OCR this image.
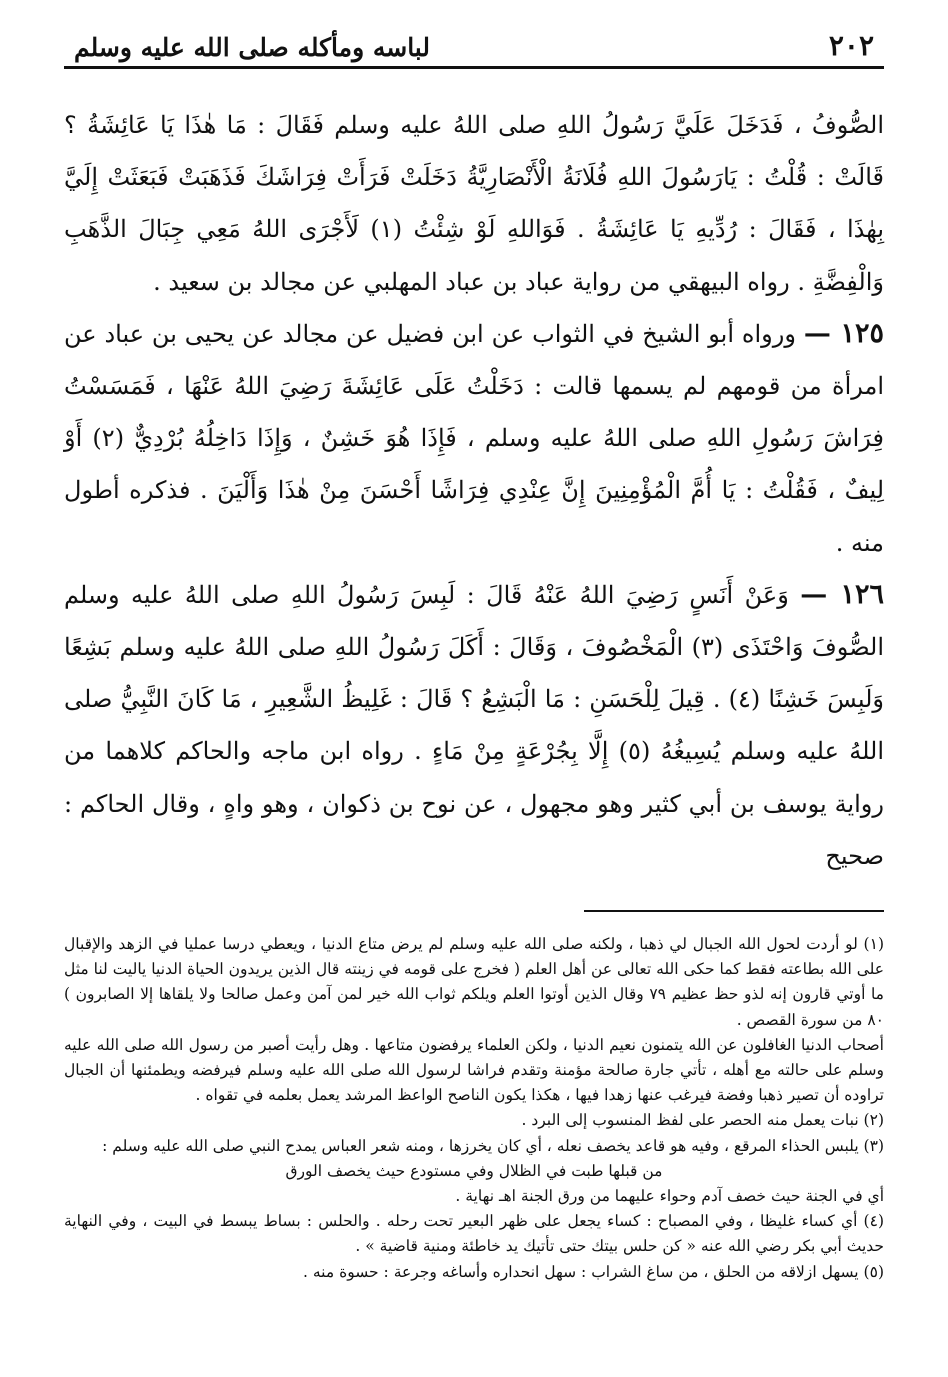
٢٠٢
لباسه ومأكله صلى الله عليه وسلم

الصُّوفُ ، فَدَخَلَ عَلَيَّ رَسُولُ اللهِ صلى اللهُ عليه وسلم فَقَالَ : مَا هٰذَا يَا عَائِشَةُ ؟ قَالَتْ : قُلْتُ : يَارَسُولَ اللهِ فُلَانَةُ الْأَنْصَارِيَّةُ دَخَلَتْ فَرَأَتْ فِرَاشَكَ فَذَهَبَتْ فَبَعَثَتْ إِلَيَّ بِهٰذَا ، فَقَالَ : رُدِّيهِ يَا عَائِشَةُ . فَوَاللهِ لَوْ شِئْتُ (١) لَأَجْرَى اللهُ مَعِي جِبَالَ الذَّهَبِ وَالْفِضَّةِ . رواه البيهقي من رواية عباد بن عباد المهلبي عن مجالد بن سعيد .

١٢٥ — ورواه أبو الشيخ في الثواب عن ابن فضيل عن مجالد عن يحيى بن عباد عن امرأة من قومهم لم يسمها قالت : دَخَلْتُ عَلَى عَائِشَةَ رَضِيَ اللهُ عَنْهَا ، فَمَسَسْتُ فِرَاشَ رَسُولِ اللهِ صلى اللهُ عليه وسلم ، فَإِذَا هُوَ خَشِنٌ ، وَإِذَا دَاخِلُهُ بُرْدِيٌّ (٢) أَوْ لِيفٌ ، فَقُلْتُ : يَا أُمَّ الْمُؤْمِنِينَ إِنَّ عِنْدِي فِرَاشًا أَحْسَنَ مِنْ هٰذَا وَأَلْيَنَ . فذكره أطول منه .

١٢٦ — وَعَنْ أَنَسٍ رَضِيَ اللهُ عَنْهُ قَالَ : لَبِسَ رَسُولُ اللهِ صلى اللهُ عليه وسلم الصُّوفَ وَاحْتَذَى (٣) الْمَخْصُوفَ ، وَقَالَ : أَكَلَ رَسُولُ اللهِ صلى اللهُ عليه وسلم بَشِعًا وَلَبِسَ خَشِنًا (٤) . قِيلَ لِلْحَسَنِ : مَا الْبَشِعُ ؟ قَالَ : غَلِيظُ الشَّعِيرِ ، مَا كَانَ النَّبِيُّ صلى اللهُ عليه وسلم يُسِيغُهُ (٥) إِلَّا بِجُرْعَةٍ مِنْ مَاءٍ . رواه ابن ماجه والحاكم كلاهما من رواية يوسف بن أبي كثير وهو مجهول ، عن نوح بن ذكوان ، وهو واهٍ ، وقال الحاكم : صحيح

(١) لو أردت لحول الله الجبال لي ذهبا ، ولكنه صلى الله عليه وسلم لم يرض متاع الدنيا ، ويعطي درسا عمليا في الزهد والإقبال على الله بطاعته فقط كما حكى الله تعالى عن أهل العلم ( فخرج على قومه في زينته قال الذين يريدون الحياة الدنيا ياليت لنا مثل ما أوتي قارون إنه لذو حظ عظيم ٧٩ وقال الذين أوتوا العلم ويلكم ثواب الله خير لمن آمن وعمل صالحا ولا يلقاها إلا الصابرون ) ٨٠ من سورة القصص .

أصحاب الدنيا الغافلون عن الله يتمنون نعيم الدنيا ، ولكن العلماء يرفضون متاعها . وهل رأيت أصبر من رسول الله صلى الله عليه وسلم على حالته مع أهله ، تأتي جارة صالحة مؤمنة وتقدم فراشا لرسول الله صلى الله عليه وسلم فيرفضه ويطمئنها أن الجبال تراوده أن تصير ذهبا وفضة فيرغب عنها زهدا فيها ، هكذا يكون الناصح الواعظ المرشد يعمل بعلمه في تقواه .

(٢) نبات يعمل منه الحصر على لفظ المنسوب إلى البرد .

(٣) يلبس الحذاء المرقع ، وفيه هو قاعد يخصف نعله ، أي كان يخرزها ، ومنه شعر العباس يمدح النبي صلى الله عليه وسلم :

من قبلها طبت في الظلال وفي مستودع حيث يخصف الورق

أي في الجنة حيث خصف آدم وحواء عليهما من ورق الجنة اهـ نهاية .

(٤) أي كساء غليظا ، وفي المصباح : كساء يجعل على ظهر البعير تحت رحله . والحلس : بساط يبسط في البيت ، وفي النهاية حديث أبي بكر رضي الله عنه « كن حلس بيتك حتى تأتيك يد خاطئة ومنية قاضية » .

(٥) يسهل ازلاقه من الحلق ، من ساغ الشراب : سهل انحداره وأساغه وجرعة : حسوة منه .
